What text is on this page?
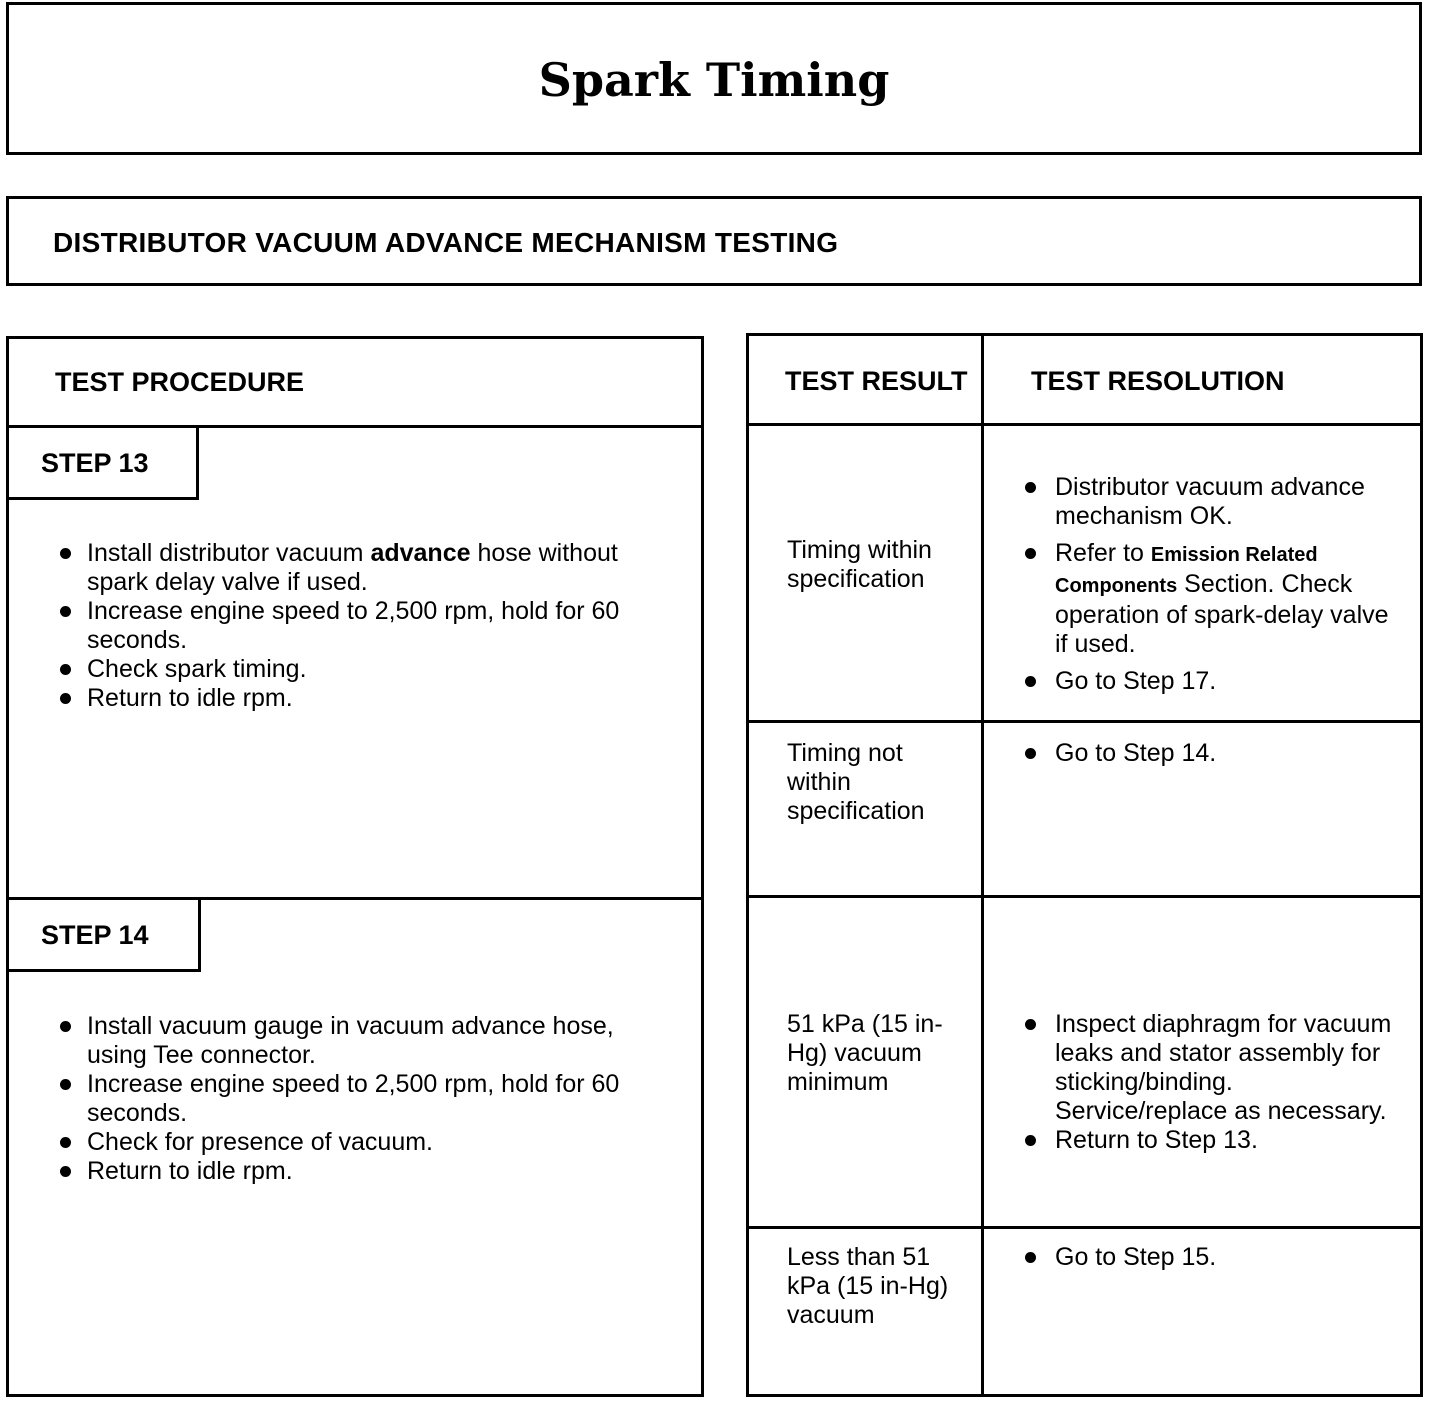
Spark Timing
DISTRIBUTOR VACUUM ADVANCE MECHANISM TESTING
TEST PROCEDURE
STEP 13
Install distributor vacuum advance hose without spark delay valve if used.
Increase engine speed to 2,500 rpm, hold for 60 seconds.
Check spark timing.
Return to idle rpm.
STEP 14
Install vacuum gauge in vacuum advance hose, using Tee connector.
Increase engine speed to 2,500 rpm, hold for 60 seconds.
Check for presence of vacuum.
Return to idle rpm.
TEST RESULT TEST RESOLUTION
Timing within specification
Distributor vacuum advance mechanism OK.
Refer to Emission Related Components Section. Check operation of spark-delay valve if used.
Go to Step 17.
Timing not within specification
Go to Step 14.
51 kPa (15 in-Hg) vacuum minimum
Inspect diaphragm for vacuum leaks and stator assembly for sticking/binding. Service/replace as necessary.
Return to Step 13.
Less than 51 kPa (15 in-Hg) vacuum
Go to Step 15.
